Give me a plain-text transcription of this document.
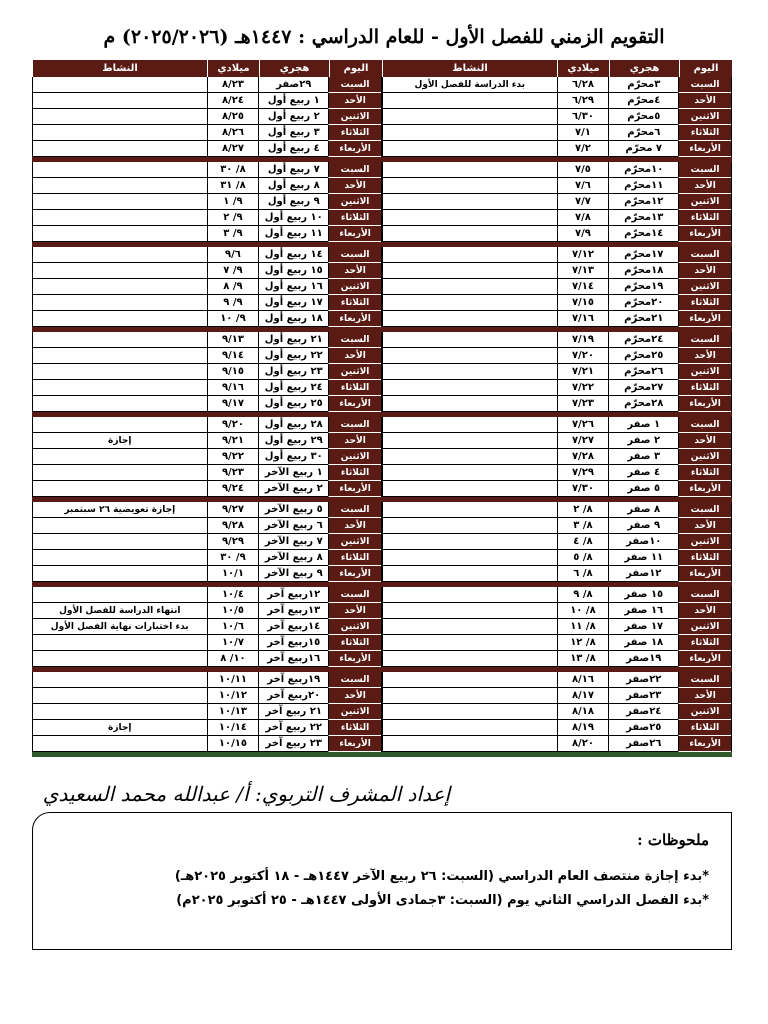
التقويم الزمني للفصل الأول - للعام الدراسي : ١٤٤٧هـ (٢٠٢٥/٢٠٢٦) م
اليوم
هجري
ميلادي
النشاط
السبت
٣محرّم
٦/٢٨
بدء الدراسة للفصل الأول
الأحد
٤محرّم
٦/٢٩
الاثنين
٥محرّم
٦/٣٠
الثلاثاء
٦محرّم
٧/١
الأربعاء
٧ محرّم
٧/٢
السبت
١٠محرّم
٧/٥
الأحد
١١محرّم
٧/٦
الاثنين
١٢محرّم
٧/٧
الثلاثاء
١٣محرّم
٧/٨
الأربعاء
١٤محرّم
٧/٩
السبت
١٧محرّم
٧/١٢
الأحد
١٨محرّم
٧/١٣
الاثنين
١٩محرّم
٧/١٤
الثلاثاء
٢٠محرّم
٧/١٥
الأربعاء
٢١محرّم
٧/١٦
السبت
٢٤محرّم
٧/١٩
الأحد
٢٥محرّم
٧/٢٠
الاثنين
٢٦محرّم
٧/٢١
الثلاثاء
٢٧محرّم
٧/٢٢
الأربعاء
٢٨محرّم
٧/٢٣
السبت
١ صفر
٧/٢٦
الأحد
٢ صفر
٧/٢٧
الاثنين
٣ صفر
٧/٢٨
الثلاثاء
٤ صفر
٧/٢٩
الأربعاء
٥ صفر
٧/٣٠
السبت
٨ صفر
٨/ ٢
الأحد
٩ صفر
٨/ ٣
الاثنين
١٠صفر
٨/ ٤
الثلاثاء
١١ صفر
٨/ ٥
الأربعاء
١٢صفر
٨/ ٦
السبت
١٥ صفر
٨/ ٩
الأحد
١٦ صفر
٨/ ١٠
الاثنين
١٧ صفر
٨/ ١١
الثلاثاء
١٨ صفر
٨/ ١٢
الأربعاء
١٩صفر
٨/ ١٣
السبت
٢٢صفر
٨/١٦
الأحد
٢٣صفر
٨/١٧
الاثنين
٢٤صفر
٨/١٨
الثلاثاء
٢٥صفر
٨/١٩
الأربعاء
٢٦صفر
٨/٢٠
اليوم
هجري
ميلادي
النشاط
السبت
٢٩صفر
٨/٢٣
الأحد
١ ربيع أول
٨/٢٤
الاثنين
٢ ربيع أول
٨/٢٥
الثلاثاء
٣ ربيع أول
٨/٢٦
الأربعاء
٤ ربيع أول
٨/٢٧
السبت
٧ ربيع أول
٨/ ٣٠
الأحد
٨ ربيع أول
٨/ ٣١
الاثنين
٩ ربيع أول
٩/ ١
الثلاثاء
١٠ ربيع أول
٩/ ٢
الأربعاء
١١ ربيع أول
٩/ ٣
السبت
١٤ ربيع أول
٩/٦
الأحد
١٥ ربيع أول
٩/ ٧
الاثنين
١٦ ربيع أول
٩/ ٨
الثلاثاء
١٧ ربيع أول
٩/ ٩
الأربعاء
١٨ ربيع أول
٩/ ١٠
السبت
٢١ ربيع أول
٩/١٣
الأحد
٢٢ ربيع أول
٩/١٤
الاثنين
٢٣ ربيع أول
٩/١٥
الثلاثاء
٢٤ ربيع أول
٩/١٦
الأربعاء
٢٥ ربيع أول
٩/١٧
السبت
٢٨ ربيع أول
٩/٢٠
الأحد
٢٩ ربيع أول
٩/٢١
إجازة
الاثنين
٣٠ ربيع أول
٩/٢٢
الثلاثاء
١ ربيع الآخر
٩/٢٣
الأربعاء
٢ ربيع الآخر
٩/٢٤
السبت
٥ ربيع الآخر
٩/٢٧
إجازة تعويضية ٢٦ سبتمبر
الأحد
٦ ربيع الآخر
٩/٢٨
الاثنين
٧ ربيع الآخر
٩/٢٩
الثلاثاء
٨ ربيع الآخر
٩/ ٣٠
الأربعاء
٩ ربيع الآخر
١٠/١
السبت
١٢ربيع آخر
١٠/٤
الأحد
١٣ربيع آخر
١٠/٥
انتهاء الدراسة للفصل الأول
الاثنين
١٤ربيع آخر
١٠/٦
بدء اختبارات نهاية الفصل الأول
الثلاثاء
١٥ربيع آخر
١٠/٧
الأربعاء
١٦ربيع آخر
١٠/ ٨
السبت
١٩ربيع آخر
١٠/١١
الأحد
٢٠ربيع آخر
١٠/١٢
الاثنين
٢١ ربيع آخر
١٠/١٣
الثلاثاء
٢٢ ربيع آخر
١٠/١٤
إجازة
الأربعاء
٢٣ ربيع آخر
١٠/١٥
إعداد المشرف التربوي: أ/ عبدالله محمد السعيدي
ملحوظات :
*بدء إجازة منتصف العام الدراسي (السبت: ٢٦ ربيع الآخر ١٤٤٧هـ - ١٨ أكتوبر ٢٠٢٥هـ)
*بدء الفصل الدراسي الثاني يوم (السبت: ٣جمادى الأولى ١٤٤٧هـ - ٢٥ أكتوبر ٢٠٢٥م)
